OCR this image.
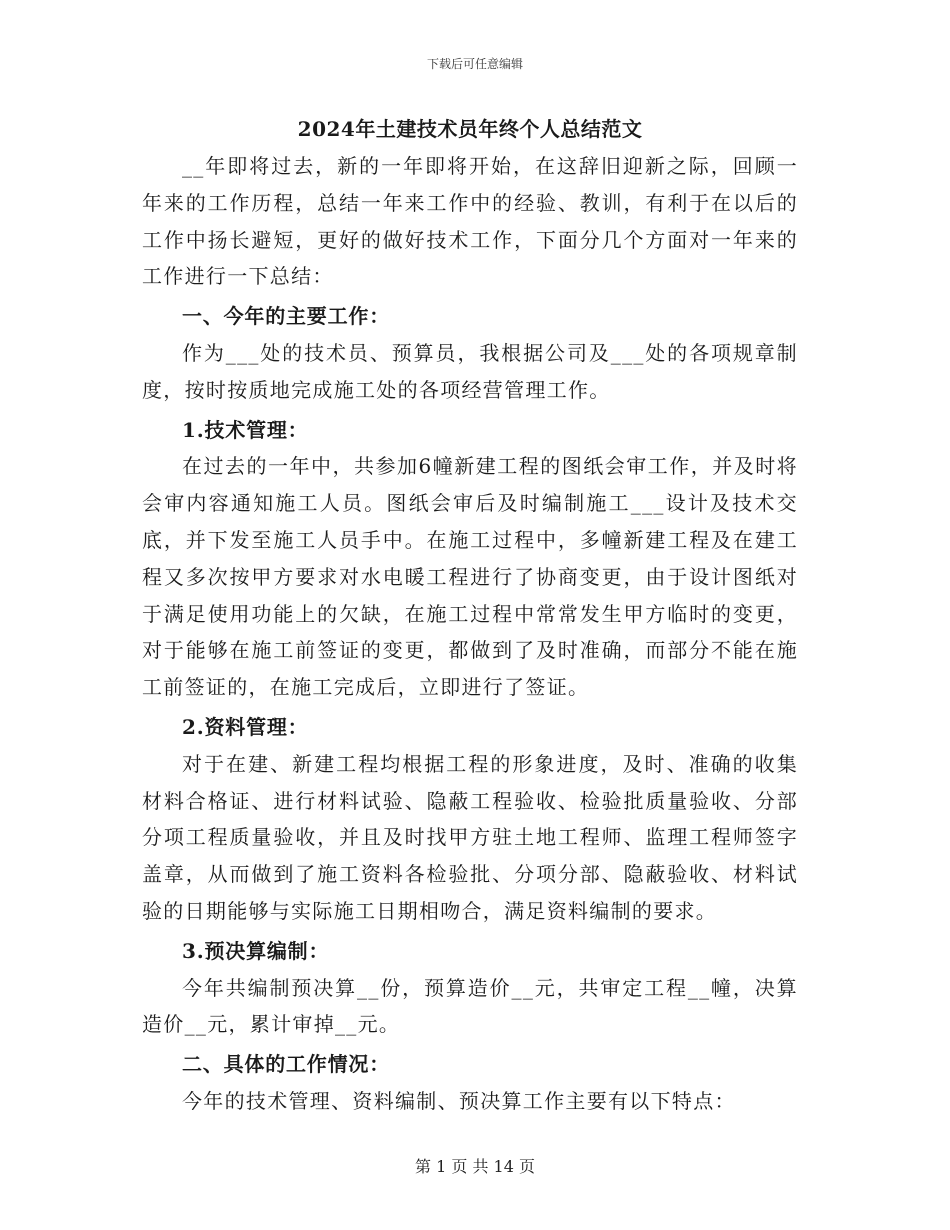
下载后可任意编辑
2024年土建技术员年终个人总结范文

__年即将过去，新的一年即将开始，在这辞旧迎新之际，回顾一年来的工作历程，总结一年来工作中的经验、教训，有利于在以后的工作中扬长避短，更好的做好技术工作，下面分几个方面对一年来的工作进行一下总结：

一、今年的主要工作：

作为___处的技术员、预算员，我根据公司及___处的各项规章制度，按时按质地完成施工处的各项经营管理工作。

1.技术管理：

在过去的一年中，共参加6幢新建工程的图纸会审工作，并及时将会审内容通知施工人员。图纸会审后及时编制施工___设计及技术交底，并下发至施工人员手中。在施工过程中，多幢新建工程及在建工程又多次按甲方要求对水电暖工程进行了协商变更，由于设计图纸对于满足使用功能上的欠缺，在施工过程中常常发生甲方临时的变更，对于能够在施工前签证的变更，都做到了及时准确，而部分不能在施工前签证的，在施工完成后，立即进行了签证。

2.资料管理：

对于在建、新建工程均根据工程的形象进度，及时、准确的收集材料合格证、进行材料试验、隐蔽工程验收、检验批质量验收、分部分项工程质量验收，并且及时找甲方驻土地工程师、监理工程师签字盖章，从而做到了施工资料各检验批、分项分部、隐蔽验收、材料试验的日期能够与实际施工日期相吻合，满足资料编制的要求。

3.预决算编制：

今年共编制预决算__份，预算造价__元，共审定工程__幢，决算造价__元，累计审掉__元。

二、具体的工作情况：

今年的技术管理、资料编制、预决算工作主要有以下特点：

第 1 页 共 14 页
